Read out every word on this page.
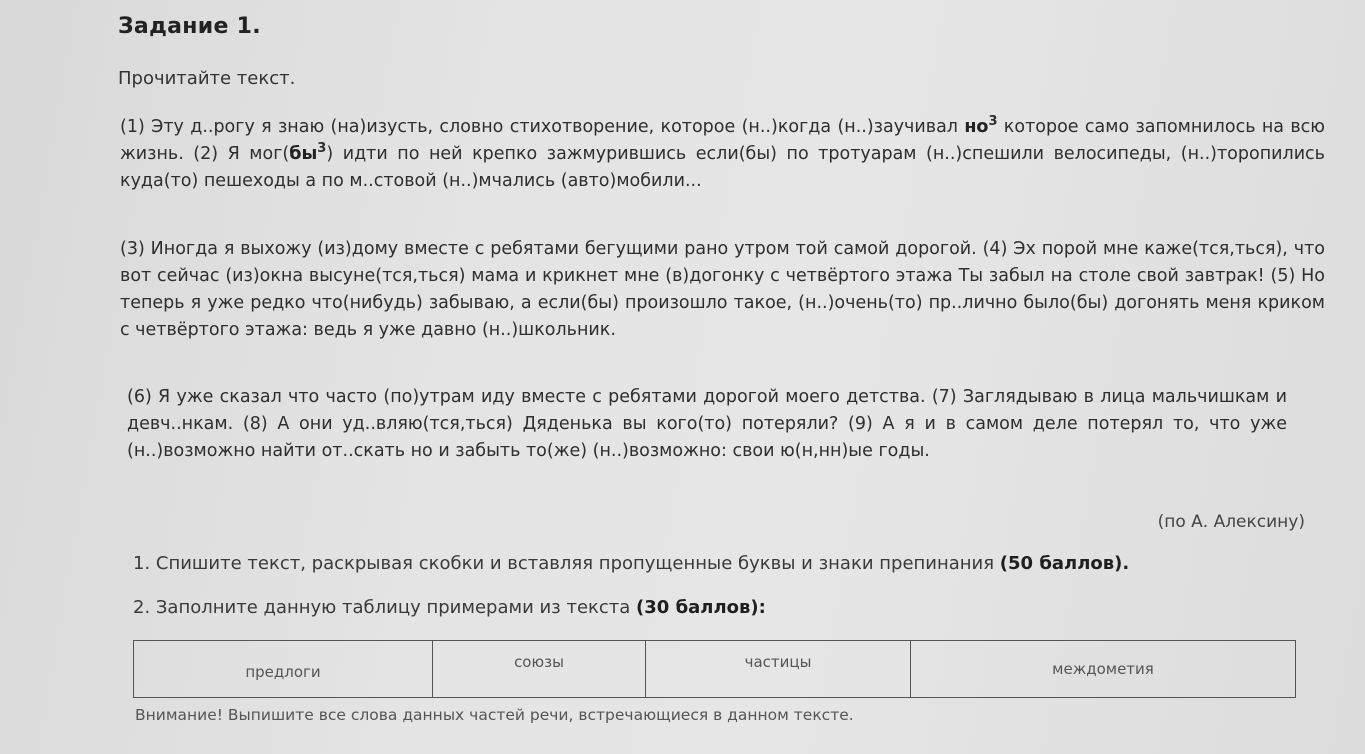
Задание 1.
Прочитайте текст.
(1) Эту д..рогу я знаю (на)изусть, словно стихотворение, которое (н..)когда (н..)заучивал $но^3$ которое само запомнилось на всю жизнь. (2) Я $мог(бы^3)$ идти по ней крепко зажмурившись если(бы) по тротуарам (н..)спешили велосипеды, (н..)торопились куда(то) пешеходы а по м..стовой (н..)мчались (авто)мобили...
(3) Иногда я выхожу (из)дому вместе с ребятами бегущими рано утром той самой дорогой. (4) Эх порой мне каже(тся,ться), что вот сейчас (из)окна высуне(тся,ться) мама и крикнет мне (в)догонку с четвёртого этажа Ты забыл на столе свой завтрак! (5) Но теперь я уже редко что(нибудь) забываю, а если(бы) произошло такое, (н..)очень(то) пр..лично было(бы) догонять меня криком с четвёртого этажа: ведь я уже давно (н..)школьник.
(6) Я уже сказал что часто (по)утрам иду вместе с ребятами дорогой моего детства. (7) Заглядываю в лица мальчишкам и девч..нкам. (8) А они уд..вляю(тся,ться) Дяденька вы кого(то) потеряли? (9) А я и в самом деле потерял то, что уже (н..)возможно найти от..скать но и забыть то(же) (н..)возможно: свои ю(н,нн)ые годы.
(по А. Алексину)
1. Спишите текст, раскрывая скобки и вставляя пропущенные буквы и знаки препинания (50 баллов).
2. Заполните данную таблицу примерами из текста (30 баллов):
предлоги	союзы	частицы	междометия
Внимание! Выпишите все слова данных частей речи, встречающиеся в данном тексте.
